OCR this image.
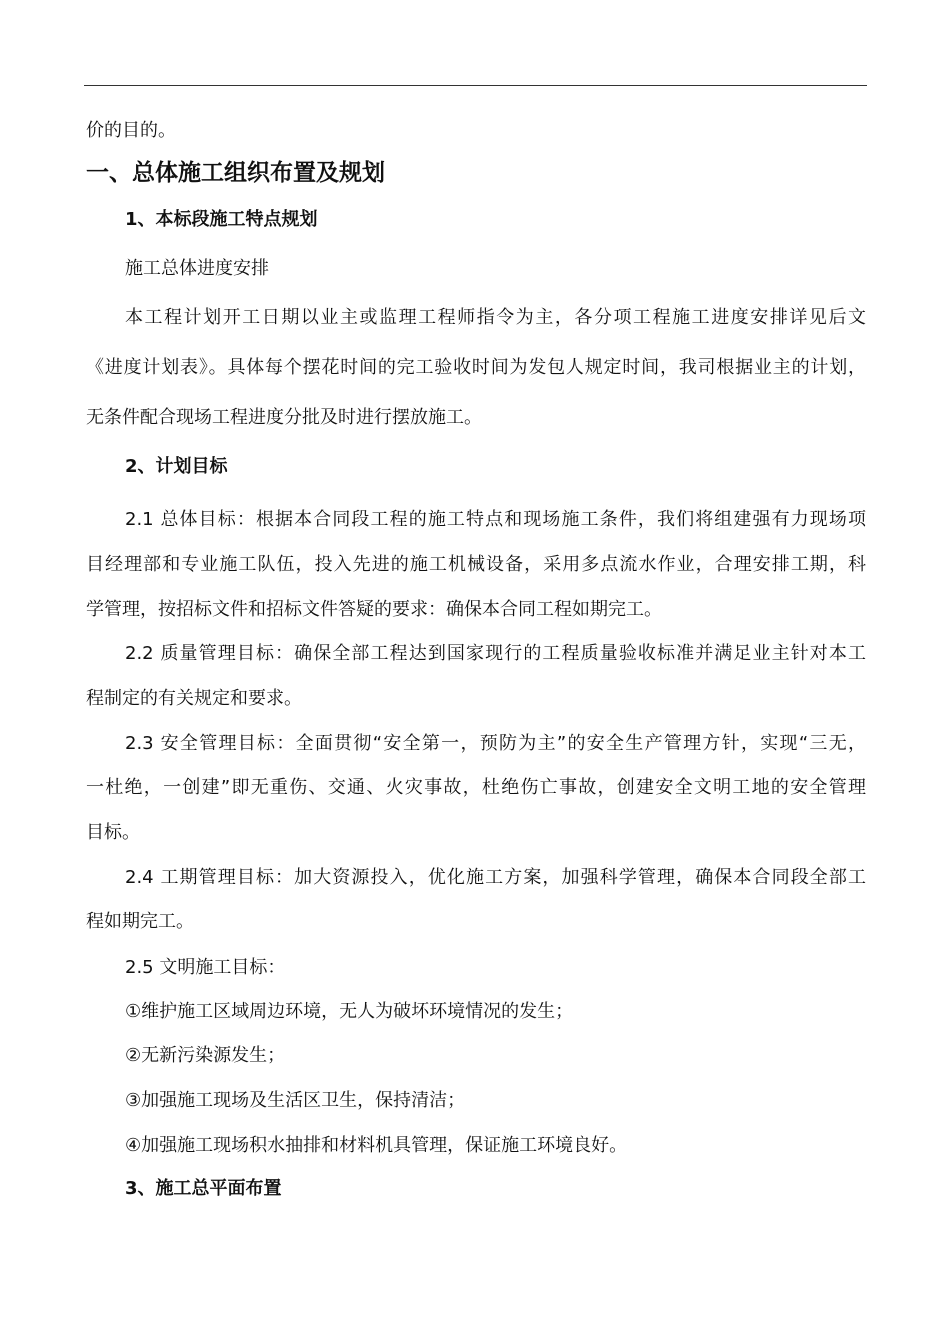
价的目的。
一、总体施工组织布置及规划
1、本标段施工特点规划
施工总体进度安排
本工程计划开工日期以业主或监理工程师指令为主，各分项工程施工进度安排详见后文
《进度计划表》。具体每个摆花时间的完工验收时间为发包人规定时间，我司根据业主的计划，
无条件配合现场工程进度分批及时进行摆放施工。
2、计划目标
2.1 总体目标：根据本合同段工程的施工特点和现场施工条件，我们将组建强有力现场项
目经理部和专业施工队伍，投入先进的施工机械设备，采用多点流水作业，合理安排工期，科
学管理，按招标文件和招标文件答疑的要求：确保本合同工程如期完工。
2.2 质量管理目标：确保全部工程达到国家现行的工程质量验收标准并满足业主针对本工
程制定的有关规定和要求。
2.3 安全管理目标：全面贯彻“安全第一，预防为主”的安全生产管理方针，实现“三无，
一杜绝，一创建”即无重伤、交通、火灾事故，杜绝伤亡事故，创建安全文明工地的安全管理
目标。
2.4 工期管理目标：加大资源投入，优化施工方案，加强科学管理，确保本合同段全部工
程如期完工。
2.5 文明施工目标：
①维护施工区域周边环境，无人为破坏环境情况的发生；
②无新污染源发生；
③加强施工现场及生活区卫生，保持清洁；
④加强施工现场积水抽排和材料机具管理，保证施工环境良好。
3、施工总平面布置
